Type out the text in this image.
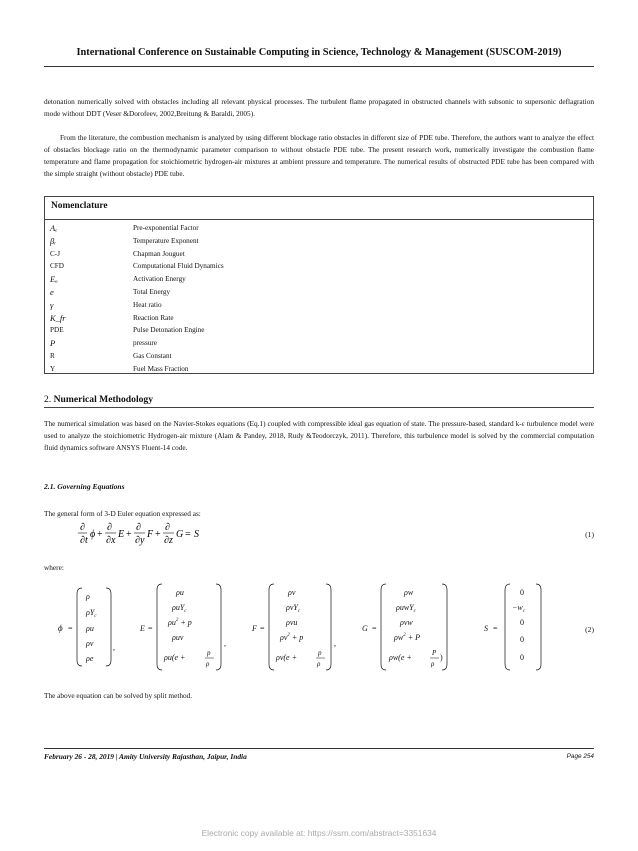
International Conference on Sustainable Computing in Science, Technology & Management (SUSCOM-2019)

detonation numerically solved with obstacles including all relevant physical processes. The turbulent flame propagated in obstructed channels with subsonic to supersonic deflagration mode without DDT (Veser &Dorofeev, 2002,Breitung & Baraldi, 2005).

From the literature, the combustion mechanism is analyzed by using different blockage ratio obstacles in different size of PDE tube. Therefore, the authors want to analyze the effect of obstacles blockage ratio on the thermodynamic parameter comparison to without obstacle PDE tube. The present research work, numerically investigate the combustion flame temperature and flame propagation for stoichiometric hydrogen-air mixtures at ambient pressure and temperature. The numerical results of obstructed PDE tube has been compared with the simple straight (without obstacle) PDE tube.

Nomenclature
Aₑ	Pre-exponential Factor
βᵣ	Temperature Exponent
C-J	Chapman Jouguet
CFD	Computational Fluid Dynamics
Eₐ	Activation Energy
e	Total Energy
γ	Heat ratio
K_fr	Reaction Rate
PDE	Pulse Detonation Engine
P	pressure
R	Gas Constant
Y	Fuel Mass Fraction
2. Numerical Methodology

The numerical simulation was based on the Navier-Stokes equations (Eq.1) coupled with compressible ideal gas equation of state. The pressure-based, standard k-ε turbulence model were used to analyze the stoichiometric Hydrogen-air mixture (Alam & Pandey, 2018, Rudy &Teodorczyk, 2011). Therefore, this turbulence model is solved by the commercial computation fluid dynamics software ANSYS Fluent-14 code.

2.1. Governing Equations

The general form of 3-D Euler equation expressed as:

∂
∂t
ϕ +
∂
∂x
E +
∂
∂y
F +
∂
∂z
G = S	(1)

where:

ϕ =
ρ
$\rho Y_c$
ρu
ρv
ρe
,
E =
ρu
ρuY$_c$
$\rho u^2 + p$
ρuv
ρu(e +	p
ρ
,
F =
ρv
ρvY$_c$
ρvu
$\rho v^2 + p$
ρv(e +	p
ρ
,
G =
ρw
ρuwY$_c$
ρvw
$\rho w^2 + P$
ρw(e +	P
ρ
)
S =
0
$-w_c$
0
0
0
(2)

The above equation can be solved by split method.

February 26 - 28, 2019 | Amity University Rajasthan, Jaipur, India	Page 254
Electronic copy available at: https://ssrn.com/abstract=3351634
